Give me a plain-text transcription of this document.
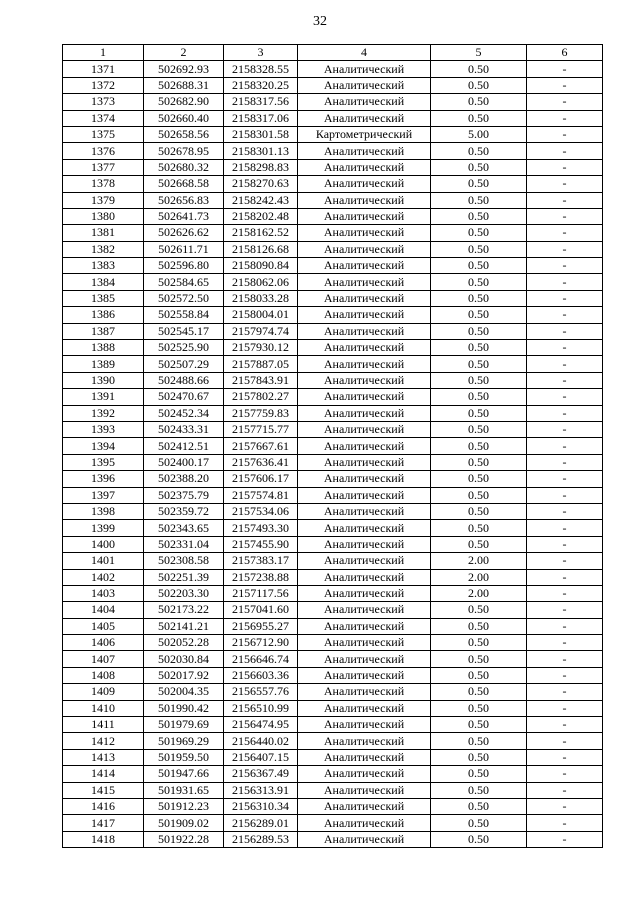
32
1	2	3	4	5	6
1371	502692.93	2158328.55	Аналитический	0.50	-
1372	502688.31	2158320.25	Аналитический	0.50	-
1373	502682.90	2158317.56	Аналитический	0.50	-
1374	502660.40	2158317.06	Аналитический	0.50	-
1375	502658.56	2158301.58	Картометрический	5.00	-
1376	502678.95	2158301.13	Аналитический	0.50	-
1377	502680.32	2158298.83	Аналитический	0.50	-
1378	502668.58	2158270.63	Аналитический	0.50	-
1379	502656.83	2158242.43	Аналитический	0.50	-
1380	502641.73	2158202.48	Аналитический	0.50	-
1381	502626.62	2158162.52	Аналитический	0.50	-
1382	502611.71	2158126.68	Аналитический	0.50	-
1383	502596.80	2158090.84	Аналитический	0.50	-
1384	502584.65	2158062.06	Аналитический	0.50	-
1385	502572.50	2158033.28	Аналитический	0.50	-
1386	502558.84	2158004.01	Аналитический	0.50	-
1387	502545.17	2157974.74	Аналитический	0.50	-
1388	502525.90	2157930.12	Аналитический	0.50	-
1389	502507.29	2157887.05	Аналитический	0.50	-
1390	502488.66	2157843.91	Аналитический	0.50	-
1391	502470.67	2157802.27	Аналитический	0.50	-
1392	502452.34	2157759.83	Аналитический	0.50	-
1393	502433.31	2157715.77	Аналитический	0.50	-
1394	502412.51	2157667.61	Аналитический	0.50	-
1395	502400.17	2157636.41	Аналитический	0.50	-
1396	502388.20	2157606.17	Аналитический	0.50	-
1397	502375.79	2157574.81	Аналитический	0.50	-
1398	502359.72	2157534.06	Аналитический	0.50	-
1399	502343.65	2157493.30	Аналитический	0.50	-
1400	502331.04	2157455.90	Аналитический	0.50	-
1401	502308.58	2157383.17	Аналитический	2.00	-
1402	502251.39	2157238.88	Аналитический	2.00	-
1403	502203.30	2157117.56	Аналитический	2.00	-
1404	502173.22	2157041.60	Аналитический	0.50	-
1405	502141.21	2156955.27	Аналитический	0.50	-
1406	502052.28	2156712.90	Аналитический	0.50	-
1407	502030.84	2156646.74	Аналитический	0.50	-
1408	502017.92	2156603.36	Аналитический	0.50	-
1409	502004.35	2156557.76	Аналитический	0.50	-
1410	501990.42	2156510.99	Аналитический	0.50	-
1411	501979.69	2156474.95	Аналитический	0.50	-
1412	501969.29	2156440.02	Аналитический	0.50	-
1413	501959.50	2156407.15	Аналитический	0.50	-
1414	501947.66	2156367.49	Аналитический	0.50	-
1415	501931.65	2156313.91	Аналитический	0.50	-
1416	501912.23	2156310.34	Аналитический	0.50	-
1417	501909.02	2156289.01	Аналитический	0.50	-
1418	501922.28	2156289.53	Аналитический	0.50	-
